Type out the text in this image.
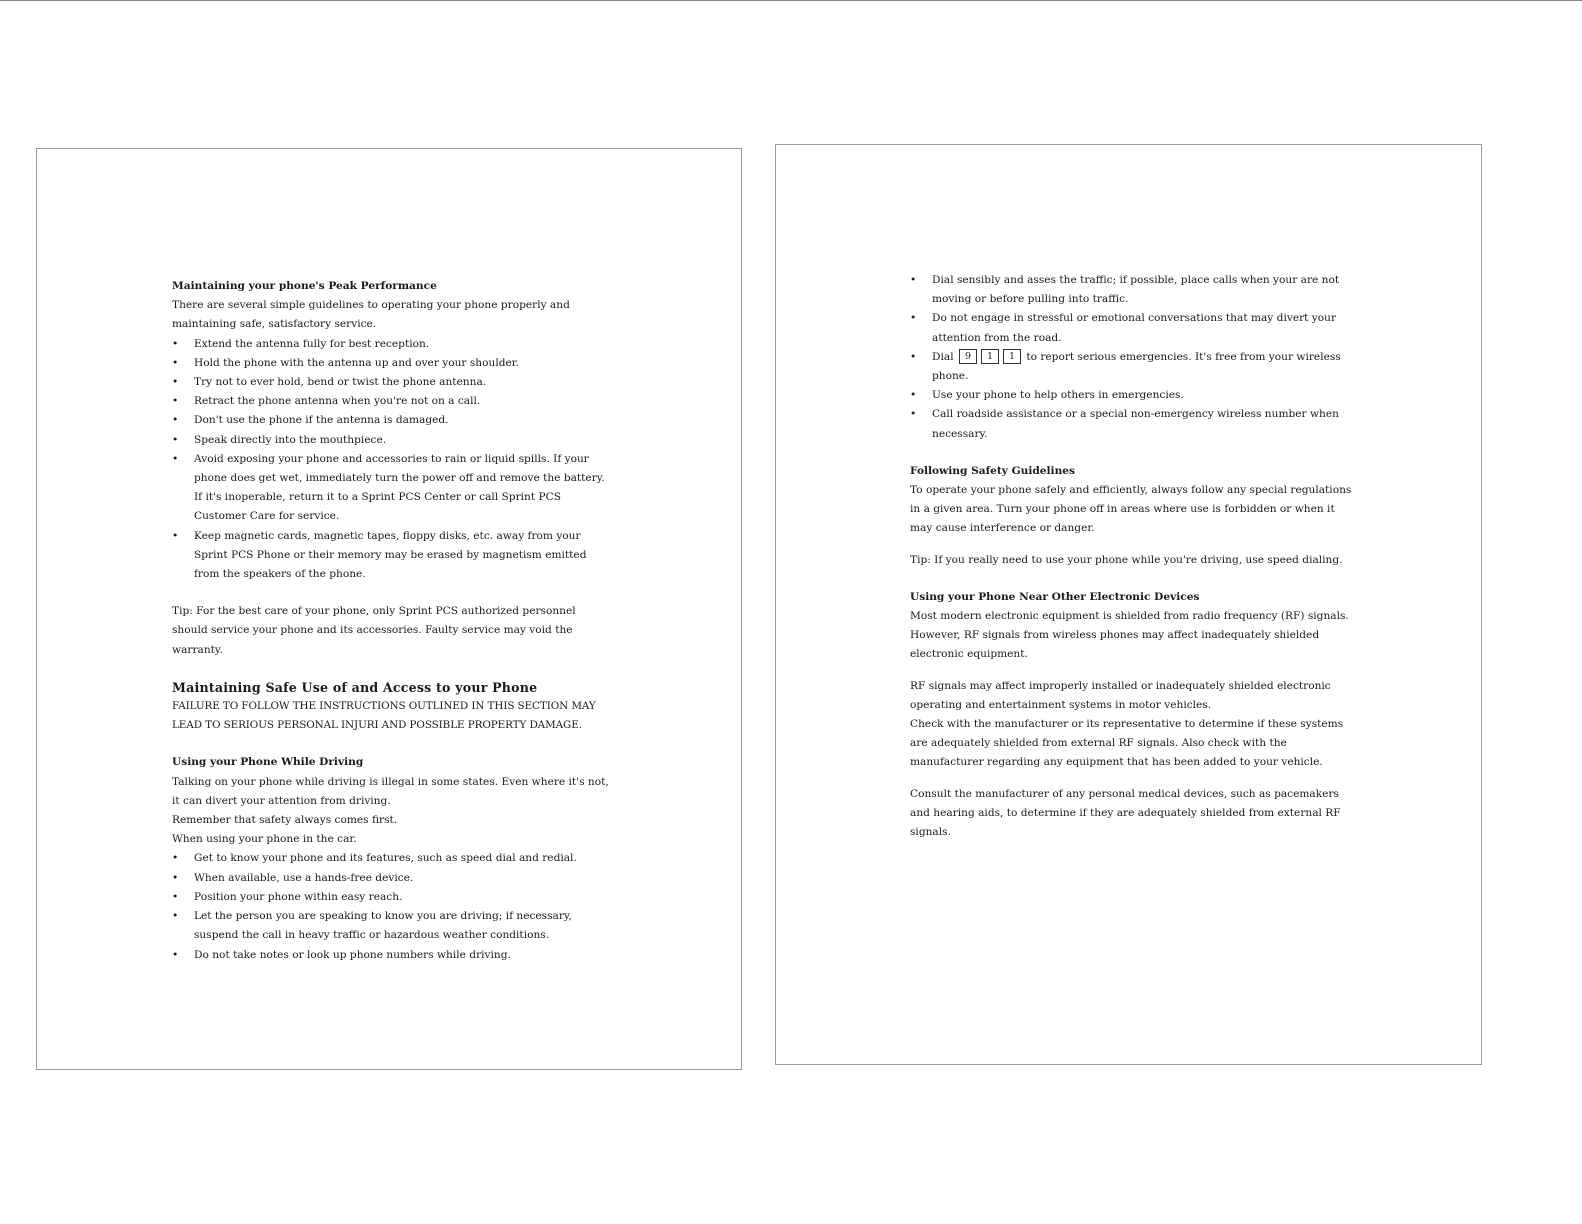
Maintaining your phone's Peak Performance

There are several simple guidelines to operating your phone properly and maintaining safe, satisfactory service.

• Extend the antenna fully for best reception.
• Hold the phone with the antenna up and over your shoulder.
• Try not to ever hold, bend or twist the phone antenna.
• Retract the phone antenna when you're not on a call.
• Don't use the phone if the antenna is damaged.
• Speak directly into the mouthpiece.
• Avoid exposing your phone and accessories to rain or liquid spills. If your phone does get wet, immediately turn the power off and remove the battery. If it's inoperable, return it to a Sprint PCS Center or call Sprint PCS Customer Care for service.
• Keep magnetic cards, magnetic tapes, floppy disks, etc. away from your Sprint PCS Phone or their memory may be erased by magnetism emitted from the speakers of the phone.

Tip: For the best care of your phone, only Sprint PCS authorized personnel should service your phone and its accessories. Faulty service may void the warranty.

Maintaining Safe Use of and Access to your Phone

FAILURE TO FOLLOW THE INSTRUCTIONS OUTLINED IN THIS SECTION MAY LEAD TO SERIOUS PERSONAL INJURI AND POSSIBLE PROPERTY DAMAGE.

Using your Phone While Driving

Talking on your phone while driving is illegal in some states. Even where it's not, it can divert your attention from driving.

Remember that safety always comes first.

When using your phone in the car.

• Get to know your phone and its features, such as speed dial and redial.
• When available, use a hands-free device.
• Position your phone within easy reach.
• Let the person you are speaking to know you are driving; if necessary, suspend the call in heavy traffic or hazardous weather conditions.
• Do not take notes or look up phone numbers while driving.
• Dial sensibly and asses the traffic; if possible, place calls when your are not moving or before pulling into traffic.
• Do not engage in stressful or emotional conversations that may divert your attention from the road.
• Dial 9 1 1 to report serious emergencies. It's free from your wireless phone.
• Use your phone to help others in emergencies.
• Call roadside assistance or a special non-emergency wireless number when necessary.
Following Safety Guidelines

To operate your phone safely and efficiently, always follow any special regulations in a given area. Turn your phone off in areas where use is forbidden or when it may cause interference or danger.

Tip: If you really need to use your phone while you're driving, use speed dialing.

Using your Phone Near Other Electronic Devices

Most modern electronic equipment is shielded from radio frequency (RF) signals. However, RF signals from wireless phones may affect inadequately shielded electronic equipment.

RF signals may affect improperly installed or inadequately shielded electronic operating and entertainment systems in motor vehicles.

Check with the manufacturer or its representative to determine if these systems are adequately shielded from external RF signals. Also check with the manufacturer regarding any equipment that has been added to your vehicle.

Consult the manufacturer of any personal medical devices, such as pacemakers and hearing aids, to determine if they are adequately shielded from external RF signals.
